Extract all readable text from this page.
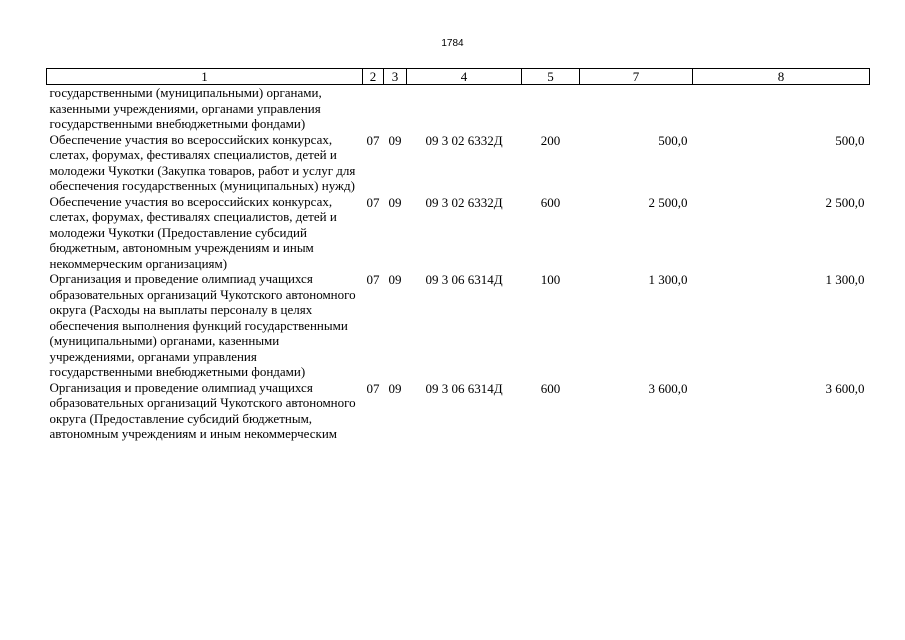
1784
1	2	3	4	5	7	8
государственными (муниципальными) органами, казенными учреждениями, органами управления государственными внебюджетными фондами)						
Обеспечение участия во всероссийских конкурсах, слетах, форумах, фестивалях специалистов, детей и молодежи Чукотки (Закупка товаров, работ и услуг для обеспечения государственных (муниципальных) нужд)	07	09	09 3 02 6332Д	200	500,0	500,0
Обеспечение участия во всероссийских конкурсах, слетах, форумах, фестивалях специалистов, детей и молодежи Чукотки (Предоставление субсидий бюджетным, автономным учреждениям и иным некоммерческим организациям)	07	09	09 3 02 6332Д	600	2 500,0	2 500,0
Организация и проведение олимпиад учащихся образовательных организаций Чукотского автономного округа (Расходы на выплаты персоналу в целях обеспечения выполнения функций государственными (муниципальными) органами, казенными учреждениями, органами управления государственными внебюджетными фондами)	07	09	09 3 06 6314Д	100	1 300,0	1 300,0
Организация и проведение олимпиад учащихся образовательных организаций Чукотского автономного округа (Предоставление субсидий бюджетным, автономным учреждениям и иным некоммерческим	07	09	09 3 06 6314Д	600	3 600,0	3 600,0
